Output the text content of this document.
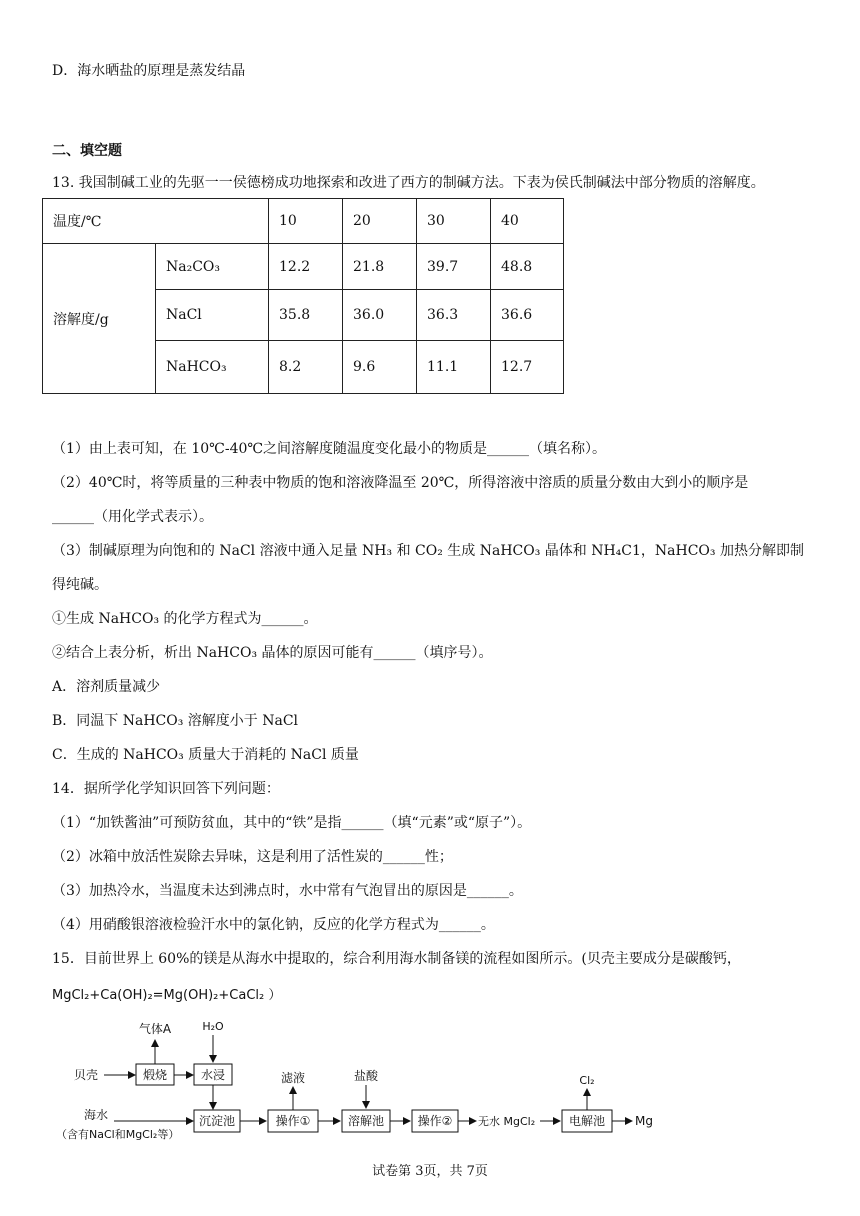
D．海水晒盐的原理是蒸发结晶
二、填空题
13. 我国制碱工业的先驱一一侯德榜成功地探索和改进了西方的制碱方法。下表为侯氏制碱法中部分物质的溶解度。
温度/℃		10	20	30	40
溶解度/g	Na₂CO₃	12.2	21.8	39.7	48.8
	NaCl	35.8	36.0	36.3	36.6
	NaHCO₃	8.2	9.6	11.1	12.7
（1）由上表可知，在 10℃-40℃之间溶解度随温度变化最小的物质是______（填名称）。
（2）40℃时，将等质量的三种表中物质的饱和溶液降温至 20℃，所得溶液中溶质的质量分数由大到小的顺序是
______（用化学式表示）。
（3）制碱原理为向饱和的 NaCl 溶液中通入足量 NH₃ 和 CO₂ 生成 NaHCO₃ 晶体和 NH₄C1，NaHCO₃ 加热分解即制
得纯碱。
①生成 NaHCO₃ 的化学方程式为______。
②结合上表分析，析出 NaHCO₃ 晶体的原因可能有______（填序号）。
A．溶剂质量减少
B．同温下 NaHCO₃ 溶解度小于 NaCl
C．生成的 NaHCO₃ 质量大于消耗的 NaCl 质量
14．据所学化学知识回答下列问题：
（1）“加铁酱油”可预防贫血，其中的“铁”是指______（填“元素”或“原子”）。
（2）冰箱中放活性炭除去异味，这是利用了活性炭的______性；
（3）加热冷水，当温度未达到沸点时，水中常有气泡冒出的原因是______。
（4）用硝酸银溶液检验汗水中的氯化钠，反应的化学方程式为______。
15．目前世界上 60%的镁是从海水中提取的，综合利用海水制备镁的流程如图所示。(贝壳主要成分是碳酸钙，
MgCl₂+Ca(OH)₂=Mg(OH)₂+CaCl₂ ）
贝壳	煅烧
气体A	H₂O
水浸
海水
（含有NaCl和MgCl₂等）
沉淀池
滤液
操作①
盐酸
溶解池	操作② 无水 MgCl₂
Cl₂
电解池 Mg
试卷第 3页，共 7页
